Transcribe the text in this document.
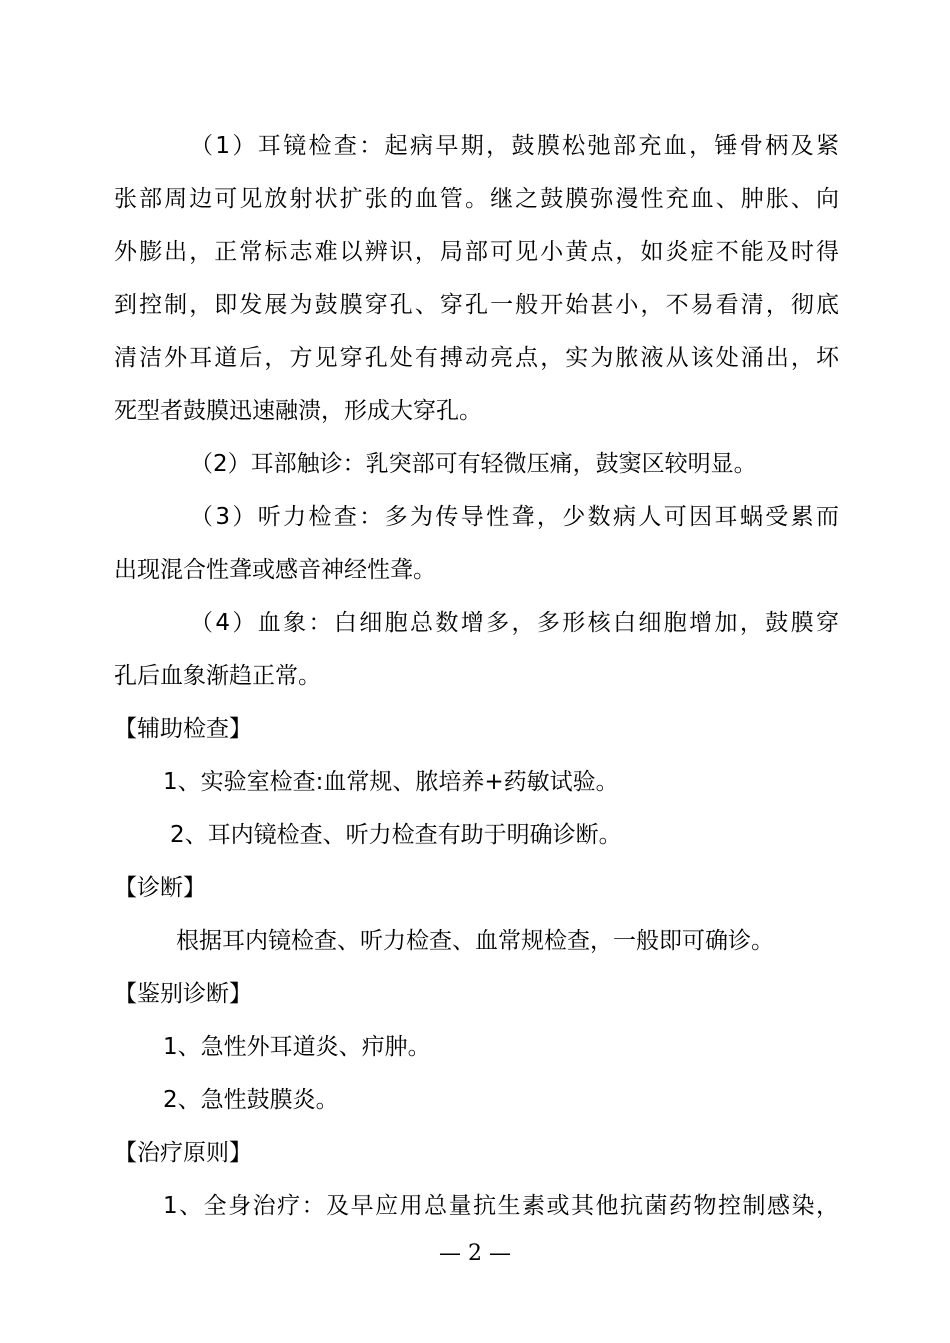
（1）耳镜检查：起病早期，鼓膜松弛部充血，锤骨柄及紧
张部周边可见放射状扩张的血管。继之鼓膜弥漫性充血、肿胀、向
外膨出，正常标志难以辨识，局部可见小黄点，如炎症不能及时得
到控制，即发展为鼓膜穿孔、穿孔一般开始甚小，不易看清，彻底
清洁外耳道后，方见穿孔处有搏动亮点，实为脓液从该处涌出，坏
死型者鼓膜迅速融溃，形成大穿孔。
（2）耳部触诊：乳突部可有轻微压痛，鼓窦区较明显。
（3）听力检查：多为传导性聋，少数病人可因耳蜗受累而
出现混合性聋或感音神经性聋。
（4）血象：白细胞总数增多，多形核白细胞增加，鼓膜穿
孔后血象渐趋正常。
【辅助检查】
1、实验室检查:血常规、脓培养+药敏试验。
2、耳内镜检查、听力检查有助于明确诊断。
【诊断】
根据耳内镜检查、听力检查、血常规检查，一般即可确诊。
【鉴别诊断】
1、急性外耳道炎、疖肿。
2、急性鼓膜炎。
【治疗原则】
1、全身治疗：及早应用总量抗生素或其他抗菌药物控制感染，
— 2 —
